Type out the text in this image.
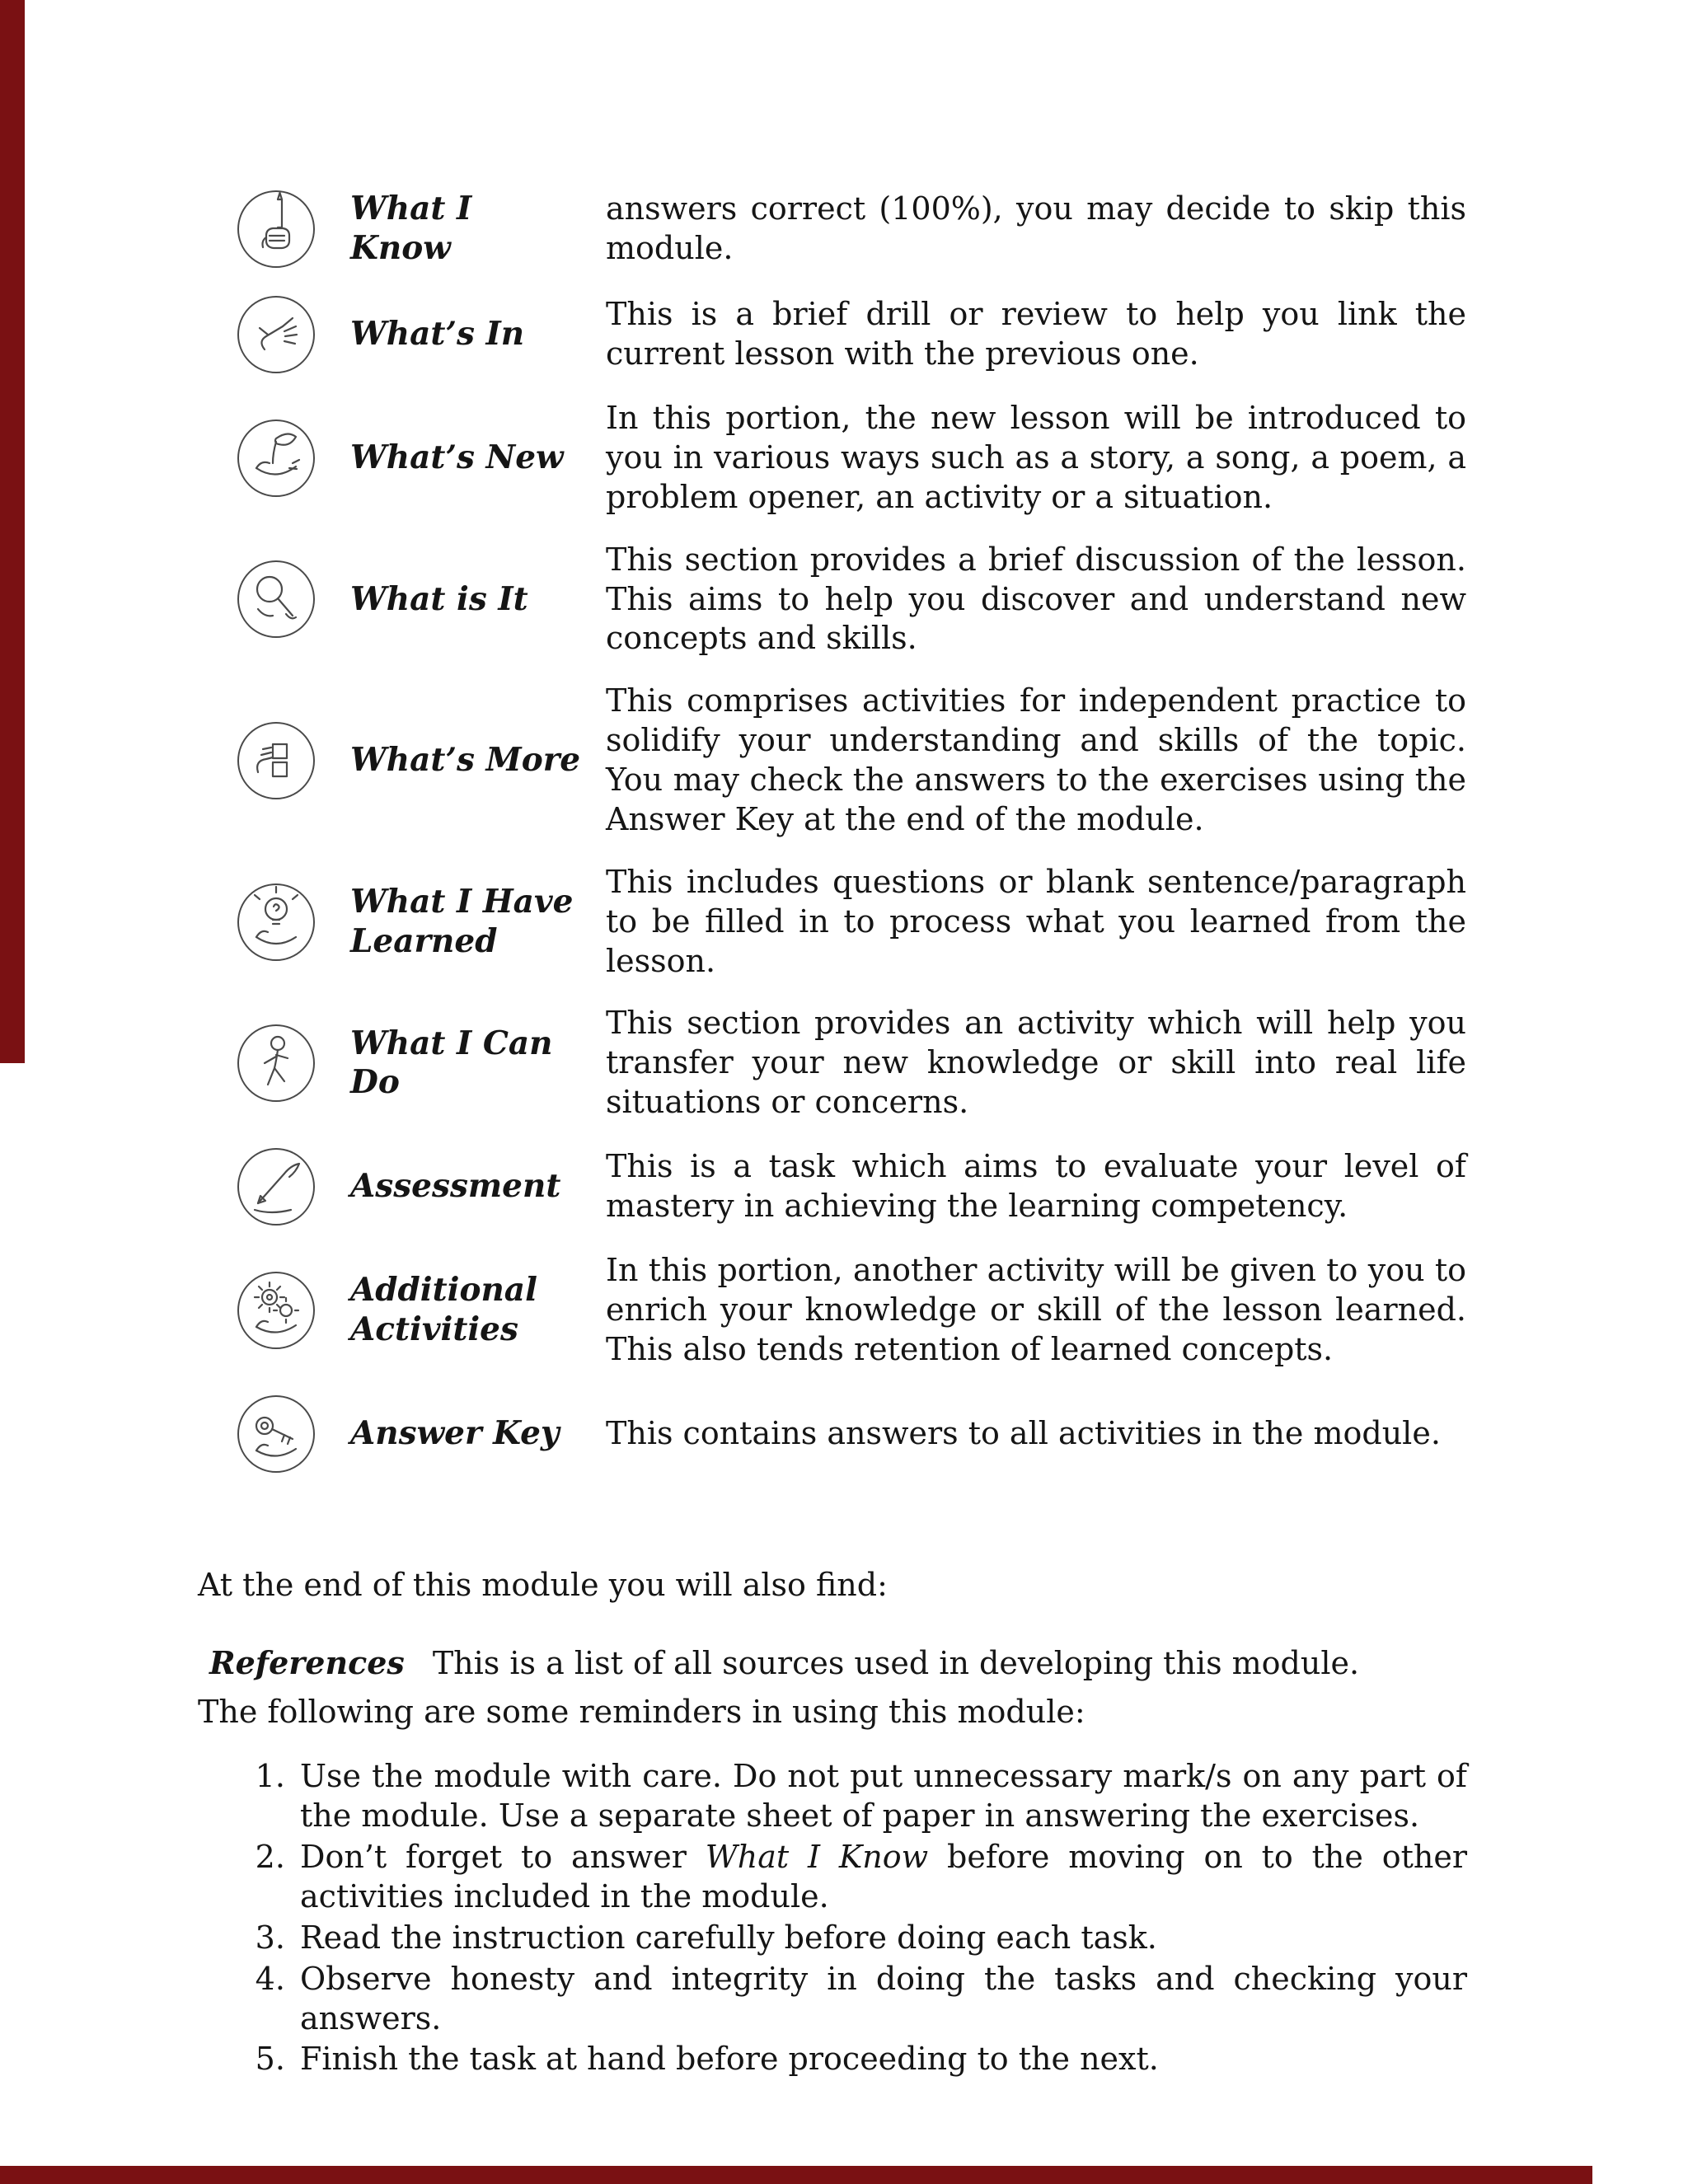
What I Know
answers correct (100%), you may decide to skip this module.
What’s In
This is a brief drill or review to help you link the current lesson with the previous one.
What’s New
In this portion, the new lesson will be introduced to you in various ways such as a story, a song, a poem, a problem opener, an activity or a situation.
What is It
This section provides a brief discussion of the lesson. This aims to help you discover and understand new concepts and skills.
What’s More
This comprises activities for independent practice to solidify your understanding and skills of the topic. You may check the answers to the exercises using the Answer Key at the end of the module.
What I Have Learned
This includes questions or blank sentence/paragraph to be filled in to process what you learned from the lesson.
What I Can Do
This section provides an activity which will help you transfer your new knowledge or skill into real life situations or concerns.
Assessment
This is a task which aims to evaluate your level of mastery in achieving the learning competency.
Additional Activities
In this portion, another activity will be given to you to enrich your knowledge or skill of the lesson learned. This also tends retention of learned concepts.
Answer Key	This contains answers to all activities in the module.

At the end of this module you will also find:

References This is a list of all sources used in developing this module.

The following are some reminders in using this module:

1. Use the module with care. Do not put unnecessary mark/s on any part of the module. Use a separate sheet of paper in answering the exercises.
2. Don’t forget to answer What I Know before moving on to the other activities included in the module.
3. Read the instruction carefully before doing each task.
4. Observe honesty and integrity in doing the tasks and checking your answers.
5. Finish the task at hand before proceeding to the next.
